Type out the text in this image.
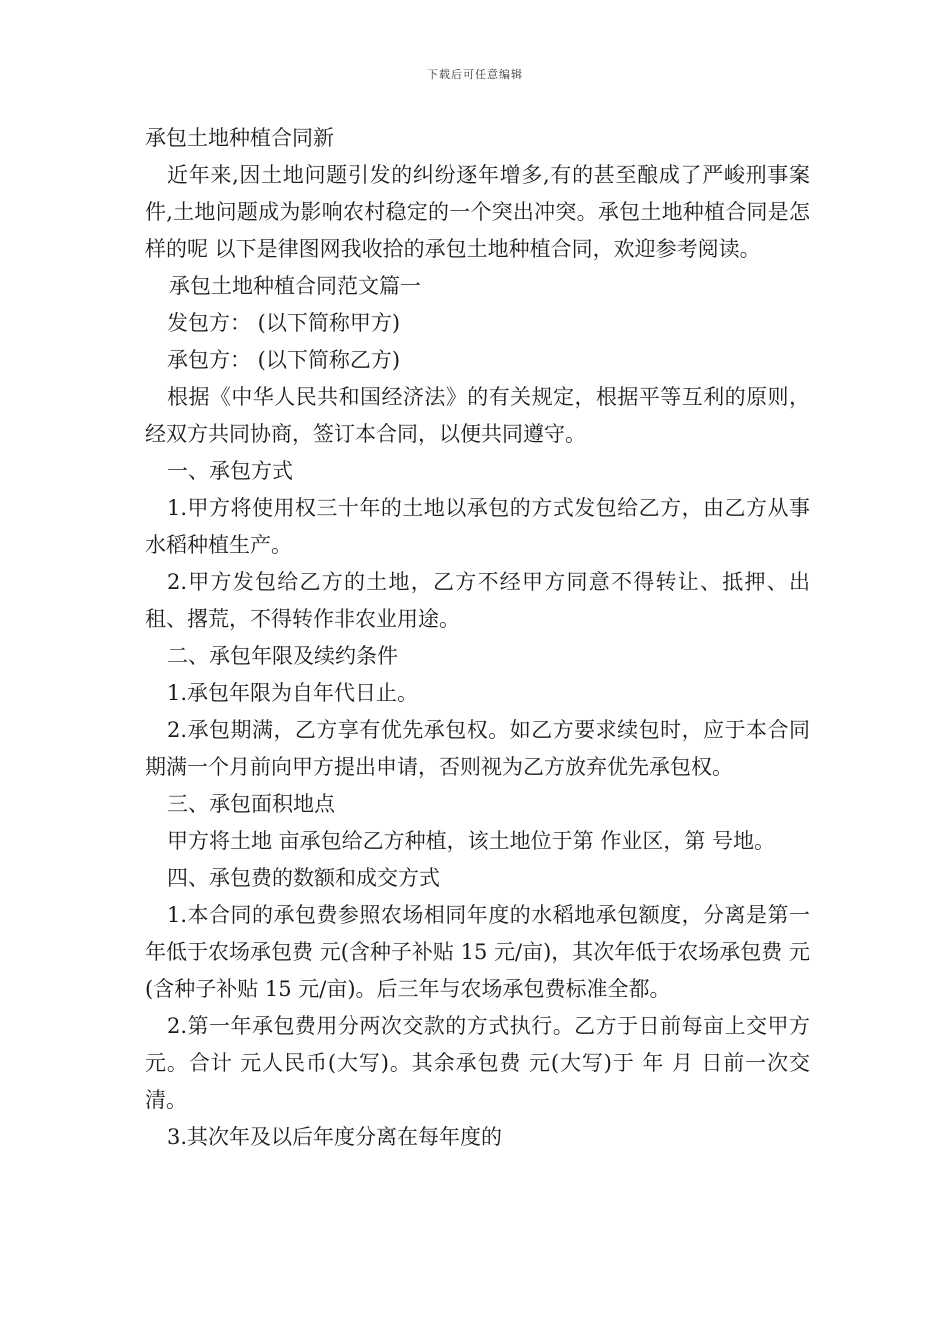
下载后可任意编辑

承包土地种植合同新

近年来,因土地问题引发的纠纷逐年增多,有的甚至酿成了严峻刑事案件,土地问题成为影响农村稳定的一个突出冲突。承包土地种植合同是怎样的呢 以下是律图网我收拾的承包土地种植合同，欢迎参考阅读。

承包土地种植合同范文篇一

发包方： (以下简称甲方)

承包方： (以下简称乙方)

根据《中华人民共和国经济法》的有关规定，根据平等互利的原则，经双方共同协商，签订本合同，以便共同遵守。

一、承包方式

1.甲方将使用权三十年的土地以承包的方式发包给乙方，由乙方从事水稻种植生产。

2.甲方发包给乙方的土地，乙方不经甲方同意不得转让、抵押、出租、撂荒，不得转作非农业用途。

二、承包年限及续约条件

1.承包年限为自年代日止。

2.承包期满，乙方享有优先承包权。如乙方要求续包时，应于本合同期满一个月前向甲方提出申请，否则视为乙方放弃优先承包权。

三、承包面积地点

甲方将土地 亩承包给乙方种植，该土地位于第 作业区，第 号地。

四、承包费的数额和成交方式

1.本合同的承包费参照农场相同年度的水稻地承包额度，分离是第一年低于农场承包费 元(含种子补贴 15 元/亩)，其次年低于农场承包费 元(含种子补贴 15 元/亩)。后三年与农场承包费标准全都。

2.第一年承包费用分两次交款的方式执行。乙方于日前每亩上交甲方 元。合计 元人民币(大写)。其余承包费 元(大写)于 年 月 日前一次交清。

3.其次年及以后年度分离在每年度的
